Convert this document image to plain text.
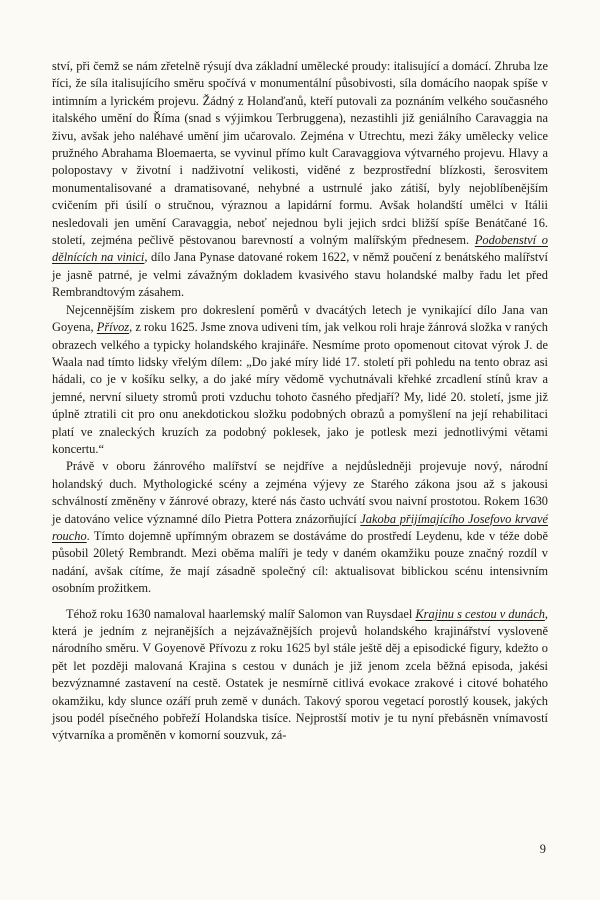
ství, při čemž se nám zřetelně rýsují dva základní umělecké proudy: italisující a domácí. Zhruba lze říci, že síla italisujícího směru spočívá v monumentální působivosti, síla domácího naopak spíše v intimním a lyrickém projevu. Žádný z Holanďanů, kteří putovali za poznáním velkého současného italského umění do Říma (snad s výjimkou Terbruggena), nezastihli již geniálního Caravaggia na živu, avšak jeho naléhavé umění jim učarovalo. Zejména v Utrechtu, mezi žáky umělecky velice pružného Abrahama Bloemaerta, se vyvinul přímo kult Caravaggiova výtvarného projevu. Hlavy a polopostavy v životní i nadživotní velikosti, viděné z bezprostřední blízkosti, šerosvitem monumentalisované a dramatisované, nehybné a ustrnulé jako zátiší, byly nejoblíbenějším cvičením při úsilí o stručnou, výraznou a lapidární formu. Avšak holandští umělci v Itálii nesledovali jen umění Caravaggia, neboť nejednou byli jejich srdci bližší spíše Benátčané 16. století, zejména pečlivě pěstovanou barevností a volným malířským přednesem. Podobenství o dělnících na vinici, dílo Jana Pynase datované rokem 1622, v němž poučení z benátského malířství je jasně patrné, je velmi závažným dokladem kvasivého stavu holandské malby řadu let před Rembrandtovým zásahem.

Nejcennějším ziskem pro dokreslení poměrů v dvacátých letech je vynikající dílo Jana van Goyena, Přívoz, z roku 1625. Jsme znova udiveni tím, jak velkou roli hraje žánrová složka v raných obrazech velkého a typicky holandského krajináře. Nesmíme proto opomenout citovat výrok J. de Waala nad tímto lidsky vřelým dílem: „Do jaké míry lidé 17. století při pohledu na tento obraz asi hádali, co je v košíku selky, a do jaké míry vědomě vychutnávali křehké zrcadlení stínů krav a jemné, nervní siluety stromů proti vzduchu tohoto časného předjaří? My, lidé 20. století, jsme již úplně ztratili cit pro onu anekdotickou složku podobných obrazů a pomyšlení na její rehabilitaci platí ve znaleckých kruzích za podobný poklesek, jako je potlesk mezi jednotlivými větami koncertu.“

Právě v oboru žánrového malířství se nejdříve a nejdůsledněji projevuje nový, národní holandský duch. Mythologické scény a zejména výjevy ze Starého zákona jsou až s jakousi schválností změněny v žánrové obrazy, které nás často uchvátí svou naivní prostotou. Rokem 1630 je datováno velice významné dílo Pietra Pottera znázorňující Jakoba přijímajícího Josefovo krvavé roucho. Tímto dojemně upřímným obrazem se dostáváme do prostředí Leydenu, kde v téže době působil 20letý Rembrandt. Mezi oběma malíři je tedy v daném okamžiku pouze značný rozdíl v nadání, avšak cítíme, že mají zásadně společný cíl: aktualisovat biblickou scénu intensivním osobním prožitkem.

Téhož roku 1630 namaloval haarlemský malíř Salomon van Ruysdael Krajinu s cestou v dunách, která je jedním z nejranějších a nejzávažnějších projevů holandského krajinářství vysloveně národního směru. V Goyenově Přívozu z roku 1625 byl stále ještě děj a episodické figury, kdežto o pět let později malovaná Krajina s cestou v dunách je již jenom zcela běžná episoda, jakési bezvýznamné zastavení na cestě. Ostatek je nesmírně citlivá evokace zrakové i citové bohatého okamžiku, kdy slunce ozáří pruh země v dunách. Takový sporou vegetací porostlý kousek, jakých jsou podél písečného pobřeží Holandska tisíce. Nejprostší motiv je tu nyní přebásněn vnímavostí výtvarníka a proměněn v komorní souzvuk, zá-

9
